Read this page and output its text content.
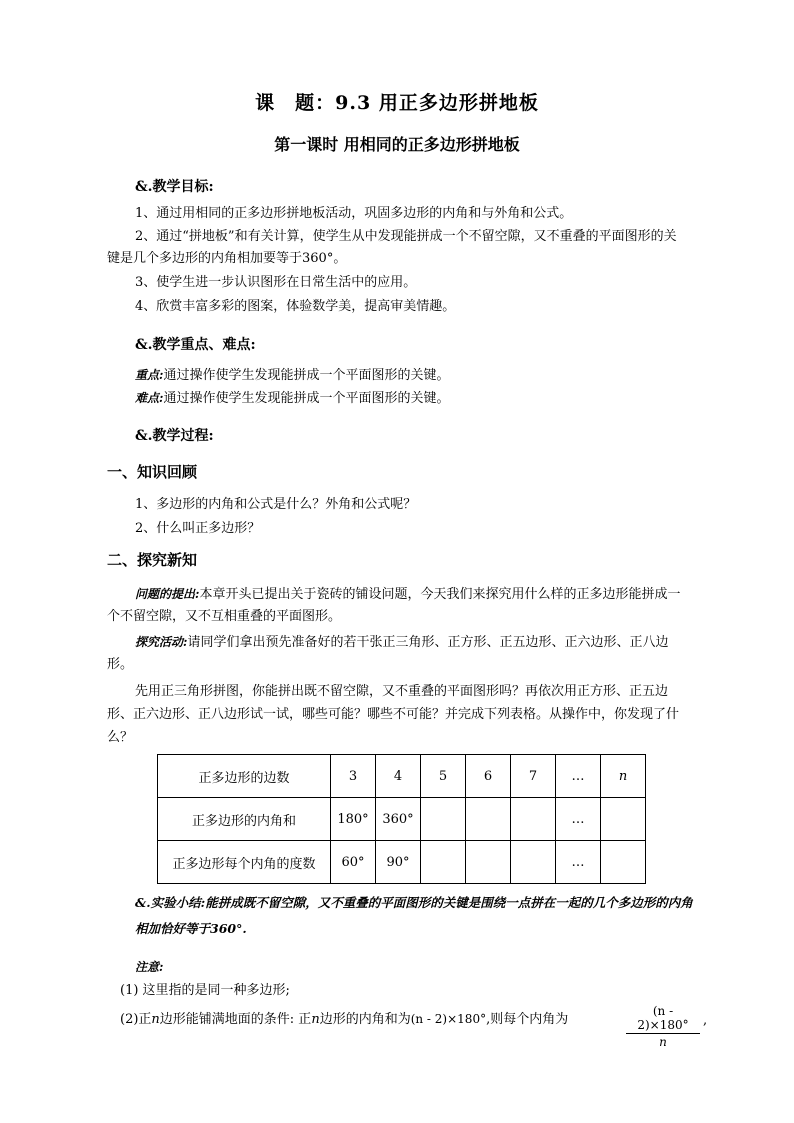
课　题：9.3 用正多边形拼地板
第一课时 用相同的正多边形拼地板
&.教学目标:
1、通过用相同的正多边形拼地板活动，巩固多边形的内角和与外角和公式。
2、通过“拼地板”和有关计算，使学生从中发现能拼成一个不留空隙，又不重叠的平面图形的关键是几个多边形的内角相加要等于360°。
3、使学生进一步认识图形在日常生活中的应用。
4、欣赏丰富多彩的图案，体验数学美，提高审美情趣。
&.教学重点、难点:
重点:通过操作使学生发现能拼成一个平面图形的关键。
难点:通过操作使学生发现能拼成一个平面图形的关键。
&.教学过程:
一、知识回顾
1、多边形的内角和公式是什么？外角和公式呢？
2、什么叫正多边形？
二、探究新知
问题的提出:本章开头已提出关于瓷砖的铺设问题，今天我们来探究用什么样的正多边形能拼成一个不留空隙，又不互相重叠的平面图形。
探究活动:请同学们拿出预先准备好的若干张正三角形、正方形、正五边形、正六边形、正八边形。
先用正三角形拼图，你能拼出既不留空隙，又不重叠的平面图形吗？再依次用正方形、正五边形、正六边形、正八边形试一试，哪些可能？哪些不可能？并完成下列表格。从操作中，你发现了什么？
正多边形的边数	3	4	5	6	7	…	n
正多边形的内角和	180°	360°				…	
正多边形每个内角的度数	60°	90°				…	
&.实验小结:能拼成既不留空隙，又不重叠的平面图形的关键是围绕一点拼在一起的几个多边形的内角相加恰好等于360°.
注意:
(1) 这里指的是同一种多边形;
(2)正n边形能铺满地面的条件: 正n边形的内角和为(n - 2)×180°,则每个内角为	$\frac{(n - 2)\times 180^\circ}{n}$ ,
